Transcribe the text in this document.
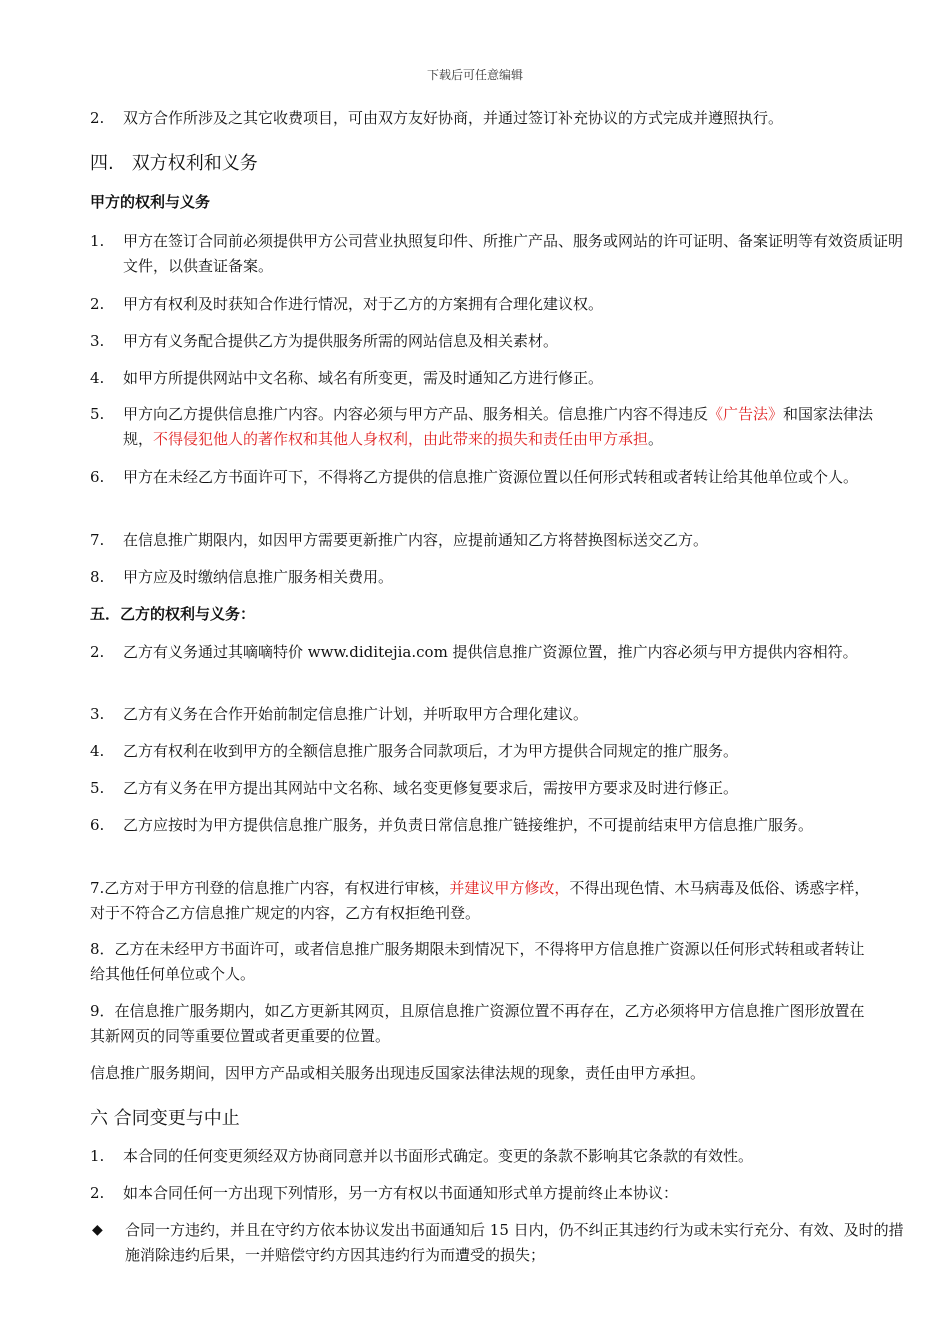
下载后可任意编辑
2. 双方合作所涉及之其它收费项目，可由双方友好协商，并通过签订补充协议的方式完成并遵照执行。
四.　双方权利和义务
甲方的权利与义务
1. 甲方在签订合同前必须提供甲方公司营业执照复印件、所推广产品、服务或网站的许可证明、备案证明等有效资质证明文件，以供查证备案。
2. 甲方有权利及时获知合作进行情况，对于乙方的方案拥有合理化建议权。
3. 甲方有义务配合提供乙方为提供服务所需的网站信息及相关素材。
4. 如甲方所提供网站中文名称、域名有所变更，需及时通知乙方进行修正。
5. 甲方向乙方提供信息推广内容。内容必须与甲方产品、服务相关。信息推广内容不得违反《广告法》和国家法律法规，不得侵犯他人的著作权和其他人身权利，由此带来的损失和责任由甲方承担。
6. 甲方在未经乙方书面许可下，不得将乙方提供的信息推广资源位置以任何形式转租或者转让给其他单位或个人。
7. 在信息推广期限内，如因甲方需要更新推广内容，应提前通知乙方将替换图标送交乙方。
8. 甲方应及时缴纳信息推广服务相关费用。
五．乙方的权利与义务：
2. 乙方有义务通过其嘀嘀特价 www.diditejia.com 提供信息推广资源位置，推广内容必须与甲方提供内容相符。
3. 乙方有义务在合作开始前制定信息推广计划，并听取甲方合理化建议。
4. 乙方有权利在收到甲方的全额信息推广服务合同款项后，才为甲方提供合同规定的推广服务。
5. 乙方有义务在甲方提出其网站中文名称、域名变更修复要求后，需按甲方要求及时进行修正。
6. 乙方应按时为甲方提供信息推广服务，并负责日常信息推广链接维护，不可提前结束甲方信息推广服务。
7.乙方对于甲方刊登的信息推广内容，有权进行审核，并建议甲方修改，不得出现色情、木马病毒及低俗、诱惑字样，对于不符合乙方信息推广规定的内容，乙方有权拒绝刊登。
8．乙方在未经甲方书面许可，或者信息推广服务期限未到情况下，不得将甲方信息推广资源以任何形式转租或者转让给其他任何单位或个人。
9．在信息推广服务期内，如乙方更新其网页，且原信息推广资源位置不再存在，乙方必须将甲方信息推广图形放置在其新网页的同等重要位置或者更重要的位置。
信息推广服务期间，因甲方产品或相关服务出现违反国家法律法规的现象，责任由甲方承担。
六 合同变更与中止
1. 本合同的任何变更须经双方协商同意并以书面形式确定。变更的条款不影响其它条款的有效性。
2. 如本合同任何一方出现下列情形，另一方有权以书面通知形式单方提前终止本协议：
◆ 合同一方违约，并且在守约方依本协议发出书面通知后 15 日内，仍不纠正其违约行为或未实行充分、有效、及时的措施消除违约后果，一并赔偿守约方因其违约行为而遭受的损失；
